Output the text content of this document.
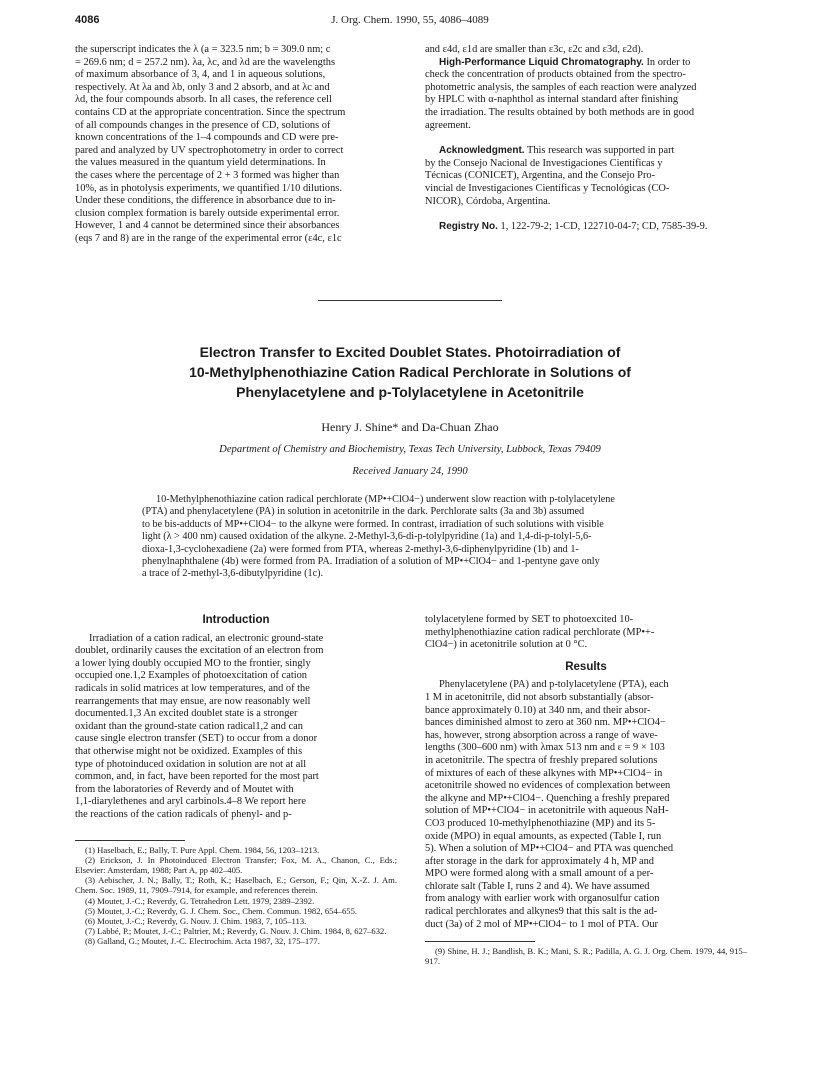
4086	J. Org. Chem. 1990, 55, 4086–4089

the superscript indicates the λ (a = 323.5 nm; b = 309.0 nm; c

= 269.6 nm; d = 257.2 nm). λa, λc, and λd are the wavelengths

of maximum absorbance of 3, 4, and 1 in aqueous solutions,

respectively. At λa and λb, only 3 and 2 absorb, and at λc and

λd, the four compounds absorb. In all cases, the reference cell

contains CD at the appropriate concentration. Since the spectrum

of all compounds changes in the presence of CD, solutions of

known concentrations of the 1–4 compounds and CD were pre-

pared and analyzed by UV spectrophotometry in order to correct

the values measured in the quantum yield determinations. In

the cases where the percentage of 2 + 3 formed was higher than

10%, as in photolysis experiments, we quantified 1/10 dilutions.

Under these conditions, the difference in absorbance due to in-

clusion complex formation is barely outside experimental error.

However, 1 and 4 cannot be determined since their absorbances

(eqs 7 and 8) are in the range of the experimental error (ε4c, ε1c

and ε4d, ε1d are smaller than ε3c, ε2c and ε3d, ε2d).

High-Performance Liquid Chromatography. In order to

check the concentration of products obtained from the spectro-

photometric analysis, the samples of each reaction were analyzed

by HPLC with α-naphthol as internal standard after finishing

the irradiation. The results obtained by both methods are in good

agreement.

Acknowledgment. This research was supported in part

by the Consejo Nacional de Investigaciones Científicas y

Técnicas (CONICET), Argentina, and the Consejo Pro-

vincial de Investigaciones Científicas y Tecnológicas (CO-

NICOR), Córdoba, Argentina.

Registry No. 1, 122-79-2; 1-CD, 122710-04-7; CD, 7585-39-9.

Electron Transfer to Excited Doublet States. Photoirradiation of
10-Methylphenothiazine Cation Radical Perchlorate in Solutions of
Phenylacetylene and p-Tolylacetylene in Acetonitrile
Henry J. Shine* and Da-Chuan Zhao
Department of Chemistry and Biochemistry, Texas Tech University, Lubbock, Texas 79409
Received January 24, 1990

10-Methylphenothiazine cation radical perchlorate (MP•+ClO4−) underwent slow reaction with p-tolylacetylene

(PTA) and phenylacetylene (PA) in solution in acetonitrile in the dark. Perchlorate salts (3a and 3b) assumed

to be bis-adducts of MP•+ClO4− to the alkyne were formed. In contrast, irradiation of such solutions with visible

light (λ > 400 nm) caused oxidation of the alkyne. 2-Methyl-3,6-di-p-tolylpyridine (1a) and 1,4-di-p-tolyl-5,6-

dioxa-1,3-cyclohexadiene (2a) were formed from PTA, whereas 2-methyl-3,6-diphenylpyridine (1b) and 1-

phenylnaphthalene (4b) were formed from PA. Irradiation of a solution of MP•+ClO4− and 1-pentyne gave only

a trace of 2-methyl-3,6-dibutylpyridine (1c).

Introduction

Irradiation of a cation radical, an electronic ground-state

doublet, ordinarily causes the excitation of an electron from

a lower lying doubly occupied MO to the frontier, singly

occupied one.1,2 Examples of photoexcitation of cation

radicals in solid matrices at low temperatures, and of the

rearrangements that may ensue, are now reasonably well

documented.1,3 An excited doublet state is a stronger

oxidant than the ground-state cation radical1,2 and can

cause single electron transfer (SET) to occur from a donor

that otherwise might not be oxidized. Examples of this

type of photoinduced oxidation in solution are not at all

common, and, in fact, have been reported for the most part

from the laboratories of Reverdy and of Moutet with

1,1-diarylethenes and aryl carbinols.4–8 We report here

the reactions of the cation radicals of phenyl- and p-

(1) Haselbach, E.; Bally, T. Pure Appl. Chem. 1984, 56, 1203–1213.

(2) Erickson, J. In Photoinduced Electron Transfer; Fox, M. A., Chanon, C., Eds.; Elsevier: Amsterdam, 1988; Part A, pp 402–405.

(3) Aebischer, J. N.; Bally, T.; Roth, K.; Haselbach, E.; Gerson, F.; Qin, X.-Z. J. Am. Chem. Soc. 1989, 11, 7909–7914, for example, and references therein.

(4) Moutet, J.-C.; Reverdy, G. Tetrahedron Lett. 1979, 2389–2392.

(5) Moutet, J.-C.; Reverdy, G. J. Chem. Soc., Chem. Commun. 1982, 654–655.

(6) Moutet, J.-C.; Reverdy, G. Nouv. J. Chim. 1983, 7, 105–113.

(7) Labbé, P.; Moutet, J.-C.; Paltrier, M.; Reverdy, G. Nouv. J. Chim. 1984, 8, 627–632.

(8) Galland, G.; Moutet, J.-C. Electrochim. Acta 1987, 32, 175–177.

tolylacetylene formed by SET to photoexcited 10-

methylphenothiazine cation radical perchlorate (MP•+-

ClO4−) in acetonitrile solution at 0 °C.

Results

Phenylacetylene (PA) and p-tolylacetylene (PTA), each

1 M in acetonitrile, did not absorb substantially (absor-

bance approximately 0.10) at 340 nm, and their absor-

bances diminished almost to zero at 360 nm. MP•+ClO4−

has, however, strong absorption across a range of wave-

lengths (300–600 nm) with λmax 513 nm and ε = 9 × 103

in acetonitrile. The spectra of freshly prepared solutions

of mixtures of each of these alkynes with MP•+ClO4− in

acetonitrile showed no evidences of complexation between

the alkyne and MP•+ClO4−. Quenching a freshly prepared

solution of MP•+ClO4− in acetonitrile with aqueous NaH-

CO3 produced 10-methylphenothiazine (MP) and its 5-

oxide (MPO) in equal amounts, as expected (Table I, run

5). When a solution of MP•+ClO4− and PTA was quenched

after storage in the dark for approximately 4 h, MP and

MPO were formed along with a small amount of a per-

chlorate salt (Table I, runs 2 and 4). We have assumed

from analogy with earlier work with organosulfur cation

radical perchlorates and alkynes9 that this salt is the ad-

duct (3a) of 2 mol of MP•+ClO4− to 1 mol of PTA. Our

(9) Shine, H. J.; Bandlish, B. K.; Mani, S. R.; Padilla, A. G. J. Org. Chem. 1979, 44, 915–917.
